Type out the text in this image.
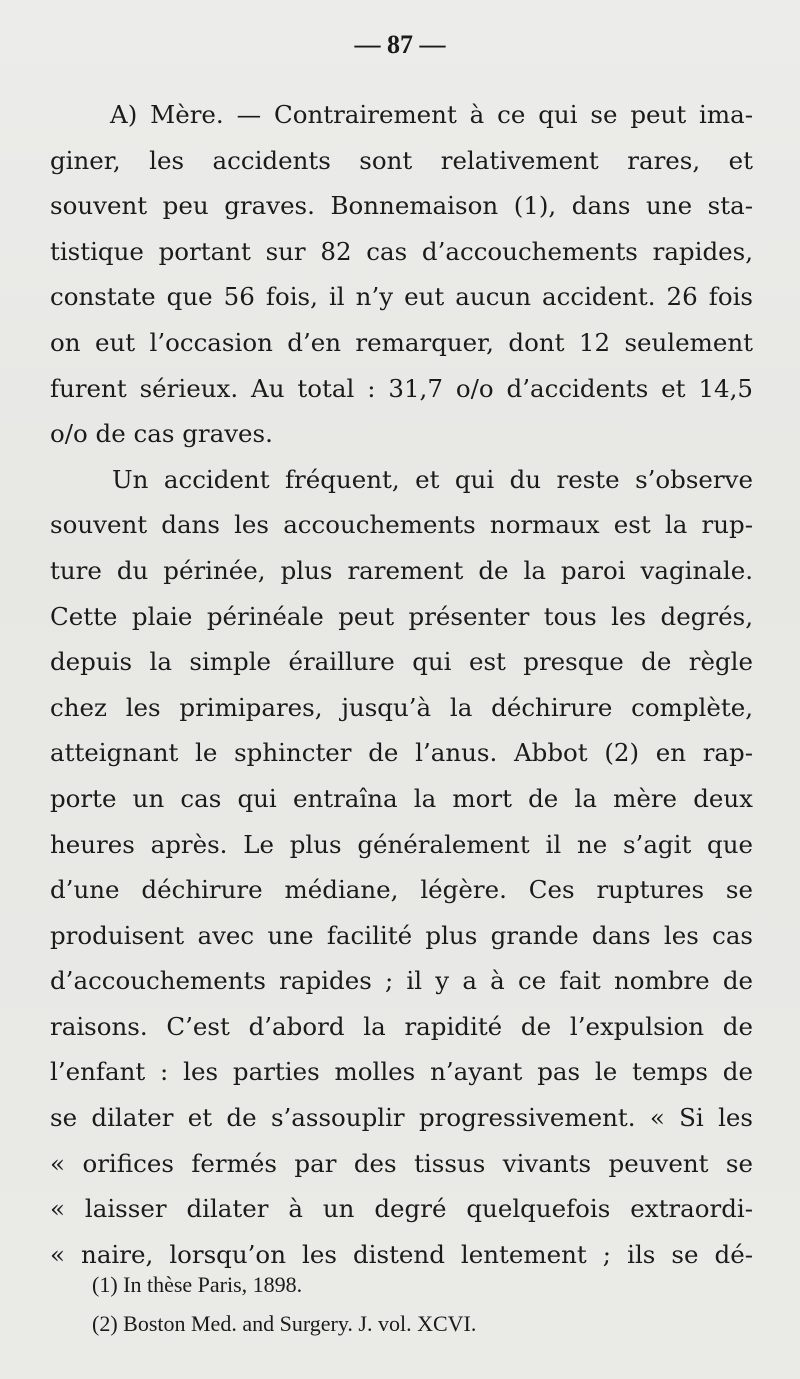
— 87 —
A) Mère. — Contrairement à ce qui se peut ima-
giner, les accidents sont relativement rares, et
souvent peu graves. Bonnemaison (1), dans une sta-
tistique portant sur 82 cas d’accouchements rapides,
constate que 56 fois, il n’y eut aucun accident. 26 fois
on eut l’occasion d’en remarquer, dont 12 seulement
furent sérieux. Au total : 31,7 o/o d’accidents et 14,5
o/o de cas graves.
Un accident fréquent, et qui du reste s’observe
souvent dans les accouchements normaux est la rup-
ture du périnée, plus rarement de la paroi vaginale.
Cette plaie périnéale peut présenter tous les degrés,
depuis la simple éraillure qui est presque de règle
chez les primipares, jusqu’à la déchirure complète,
atteignant le sphincter de l’anus. Abbot (2) en rap-
porte un cas qui entraîna la mort de la mère deux
heures après. Le plus généralement il ne s’agit que
d’une déchirure médiane, légère. Ces ruptures se
produisent avec une facilité plus grande dans les cas
d’accouchements rapides ; il y a à ce fait nombre de
raisons. C’est d’abord la rapidité de l’expulsion de
l’enfant : les parties molles n’ayant pas le temps de
se dilater et de s’assouplir progressivement. « Si les
« orifices fermés par des tissus vivants peuvent se
« laisser dilater à un degré quelquefois extraordi-
« naire, lorsqu’on les distend lentement ; ils se dé-
(1) In thèse Paris, 1898.
(2) Boston Med. and Surgery. J. vol. XCVI.
